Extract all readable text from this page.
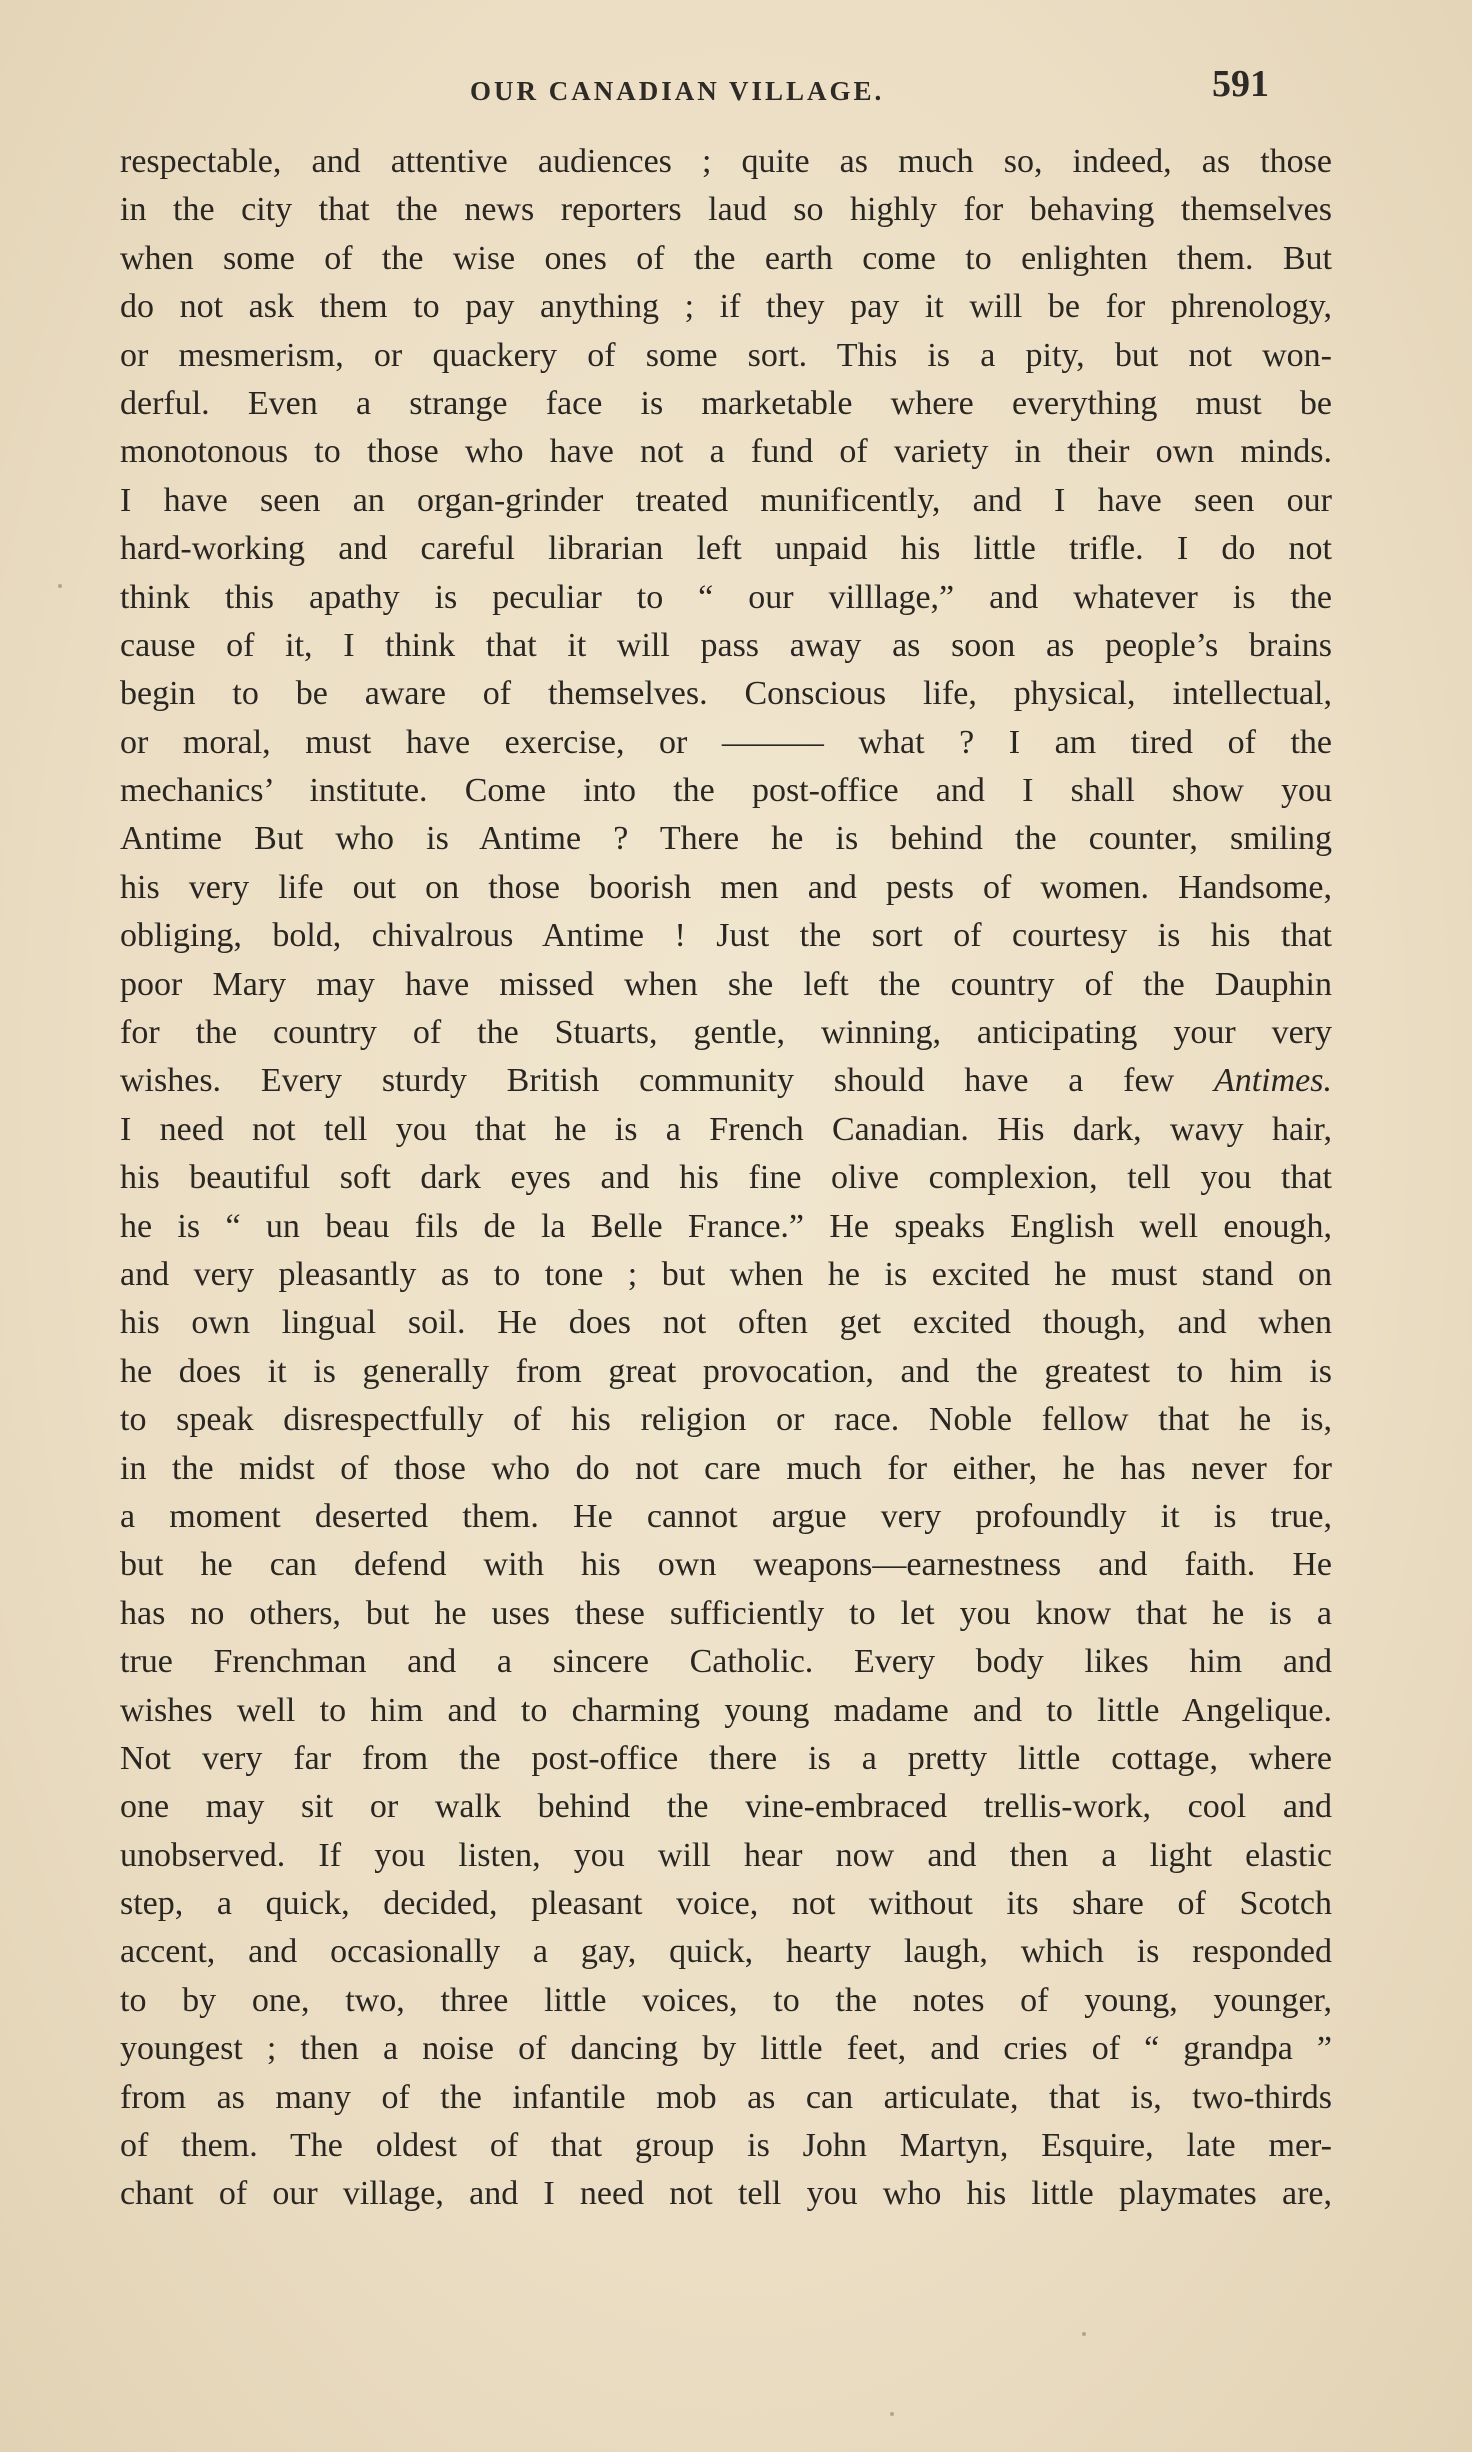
OUR CANADIAN VILLAGE.	591
respectable, and attentive audiences ; quite as much so, indeed, as those
in the city that the news reporters laud so highly for behaving themselves
when some of the wise ones of the earth come to enlighten them. But
do not ask them to pay anything ; if they pay it will be for phrenology,
or mesmerism, or quackery of some sort. This is a pity, but not won-
derful. Even a strange face is marketable where everything must be
monotonous to those who have not a fund of variety in their own minds.
I have seen an organ-grinder treated munificently, and I have seen our
hard-working and careful librarian left unpaid his little trifle. I do not
think this apathy is peculiar to “ our villlage,” and whatever is the
cause of it, I think that it will pass away as soon as people’s brains
begin to be aware of themselves. Conscious life, physical, intellectual,
or moral, must have exercise, or ——— what ? I am tired of the
mechanics’ institute. Come into the post-office and I shall show you
Antime But who is Antime ? There he is behind the counter, smiling
his very life out on those boorish men and pests of women. Handsome,
obliging, bold, chivalrous Antime ! Just the sort of courtesy is his that
poor Mary may have missed when she left the country of the Dauphin
for the country of the Stuarts, gentle, winning, anticipating your very
wishes. Every sturdy British community should have a few Antimes.
I need not tell you that he is a French Canadian. His dark, wavy hair,
his beautiful soft dark eyes and his fine olive complexion, tell you that
he is “ un beau fils de la Belle France.” He speaks English well enough,
and very pleasantly as to tone ; but when he is excited he must stand on
his own lingual soil. He does not often get excited though, and when
he does it is generally from great provocation, and the greatest to him is
to speak disrespectfully of his religion or race. Noble fellow that he is,
in the midst of those who do not care much for either, he has never for
a moment deserted them. He cannot argue very profoundly it is true,
but he can defend with his own weapons—earnestness and faith. He
has no others, but he uses these sufficiently to let you know that he is a
true Frenchman and a sincere Catholic. Every body likes him and
wishes well to him and to charming young madame and to little Angelique.
Not very far from the post-office there is a pretty little cottage, where
one may sit or walk behind the vine-embraced trellis-work, cool and
unobserved. If you listen, you will hear now and then a light elastic
step, a quick, decided, pleasant voice, not without its share of Scotch
accent, and occasionally a gay, quick, hearty laugh, which is responded
to by one, two, three little voices, to the notes of young, younger,
youngest ; then a noise of dancing by little feet, and cries of “ grandpa ”
from as many of the infantile mob as can articulate, that is, two-thirds
of them. The oldest of that group is John Martyn, Esquire, late mer-
chant of our village, and I need not tell you who his little playmates are,
